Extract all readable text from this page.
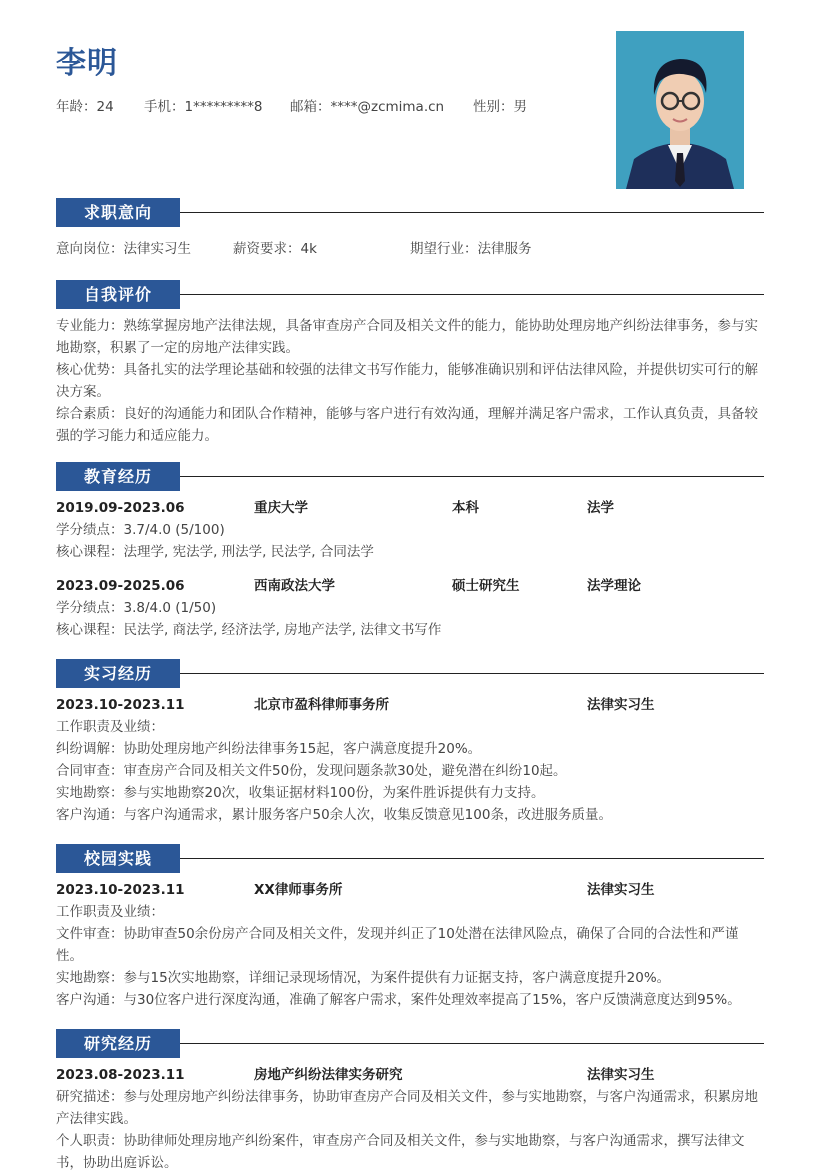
李明
年龄：24	手机：1*********8	邮箱：****@zcmima.cn	性别：男
求职意向
意向岗位：法律实习生	薪资要求：4k	期望行业：法律服务
自我评价
专业能力：熟练掌握房地产法律法规，具备审查房产合同及相关文件的能力，能协助处理房地产纠纷法律事务，参与实地勘察，积累了一定的房地产法律实践。
核心优势：具备扎实的法学理论基础和较强的法律文书写作能力，能够准确识别和评估法律风险，并提供切实可行的解决方案。
综合素质：良好的沟通能力和团队合作精神，能够与客户进行有效沟通，理解并满足客户需求，工作认真负责，具备较强的学习能力和适应能力。
教育经历
2019.09-2023.06	重庆大学	本科	法学
学分绩点：3.7/4.0 (5/100)
核心课程：法理学, 宪法学, 刑法学, 民法学, 合同法学
2023.09-2025.06	西南政法大学	硕士研究生	法学理论
学分绩点：3.8/4.0 (1/50)
核心课程：民法学, 商法学, 经济法学, 房地产法学, 法律文书写作
实习经历
2023.10-2023.11	北京市盈科律师事务所	法律实习生
工作职责及业绩：
纠纷调解：协助处理房地产纠纷法律事务15起，客户满意度提升20%。
合同审查：审查房产合同及相关文件50份，发现问题条款30处，避免潜在纠纷10起。
实地勘察：参与实地勘察20次，收集证据材料100份，为案件胜诉提供有力支持。
客户沟通：与客户沟通需求，累计服务客户50余人次，收集反馈意见100条，改进服务质量。
校园实践
2023.10-2023.11	XX律师事务所	法律实习生
工作职责及业绩：
文件审查：协助审查50余份房产合同及相关文件，发现并纠正了10处潜在法律风险点，确保了合同的合法性和严谨性。
实地勘察：参与15次实地勘察，详细记录现场情况，为案件提供有力证据支持，客户满意度提升20%。
客户沟通：与30位客户进行深度沟通，准确了解客户需求，案件处理效率提高了15%，客户反馈满意度达到95%。
研究经历
2023.08-2023.11	房地产纠纷法律实务研究	法律实习生
研究描述：参与处理房地产纠纷法律事务，协助审查房产合同及相关文件，参与实地勘察，与客户沟通需求，积累房地产法律实践。
个人职责：协助律师处理房地产纠纷案件，审查房产合同及相关文件，参与实地勘察，与客户沟通需求，撰写法律文书，协助出庭诉讼。
